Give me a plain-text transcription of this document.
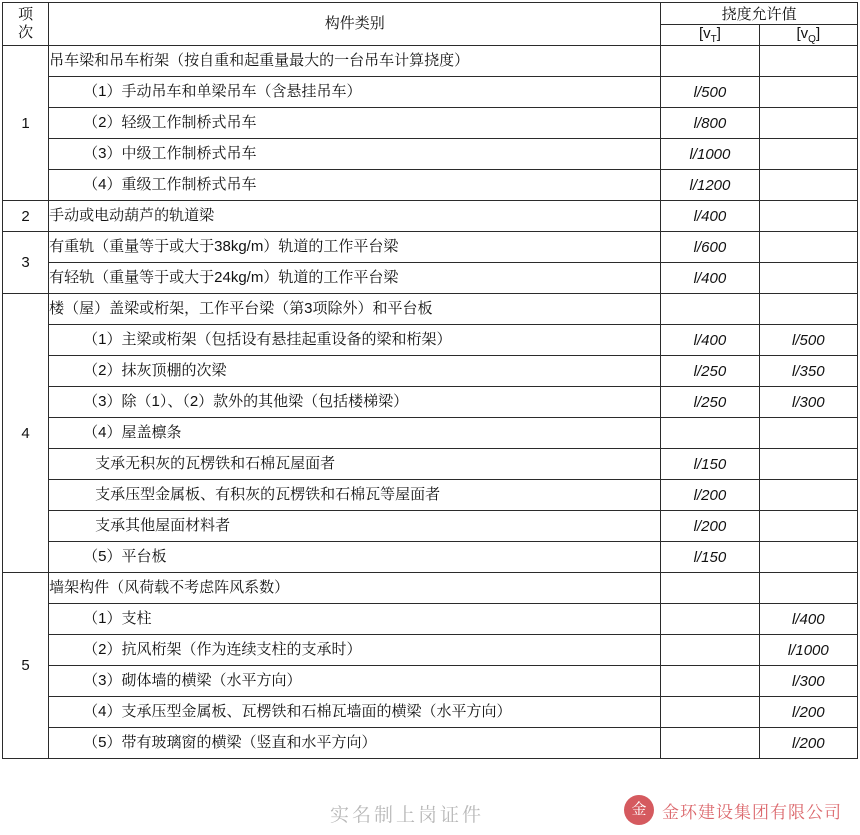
项
次	构件类别	挠度允许值	
		$[v_T]$	$[v_Q]$
1	吊车梁和吊车桁架（按自重和起重量最大的一台吊车计算挠度）		
	（1）手动吊车和单梁吊车（含悬挂吊车）	l/500	
	（2）轻级工作制桥式吊车	l/800	
	（3）中级工作制桥式吊车	l/1000	
	（4）重级工作制桥式吊车	l/1200	
2	手动或电动葫芦的轨道梁	l/400	
3	有重轨（重量等于或大于38kg/m）轨道的工作平台梁	l/600	
	有轻轨（重量等于或大于24kg/m）轨道的工作平台梁	l/400	
4	楼（屋）盖梁或桁架，工作平台梁（第3项除外）和平台板		
	（1）主梁或桁架（包括设有悬挂起重设备的梁和桁架）	l/400	l/500
	（2）抹灰顶棚的次梁	l/250	l/350
	（3）除（1）、（2）款外的其他梁（包括楼梯梁）	l/250	l/300
	（4）屋盖檩条		
	支承无积灰的瓦楞铁和石棉瓦屋面者	l/150	
	支承压型金属板、有积灰的瓦楞铁和石棉瓦等屋面者	l/200	
	支承其他屋面材料者	l/200	
	（5）平台板	l/150	
5	墙架构件（风荷载不考虑阵风系数）		
	（1）支柱		l/400
	（2）抗风桁架（作为连续支柱的支承时）		l/1000
	（3）砌体墙的横梁（水平方向）		l/300
	（4）支承压型金属板、瓦楞铁和石棉瓦墙面的横梁（水平方向）		l/200
	（5）带有玻璃窗的横梁（竖直和水平方向）		l/200
实名制上岗证件	金 金环建设集团有限公司
